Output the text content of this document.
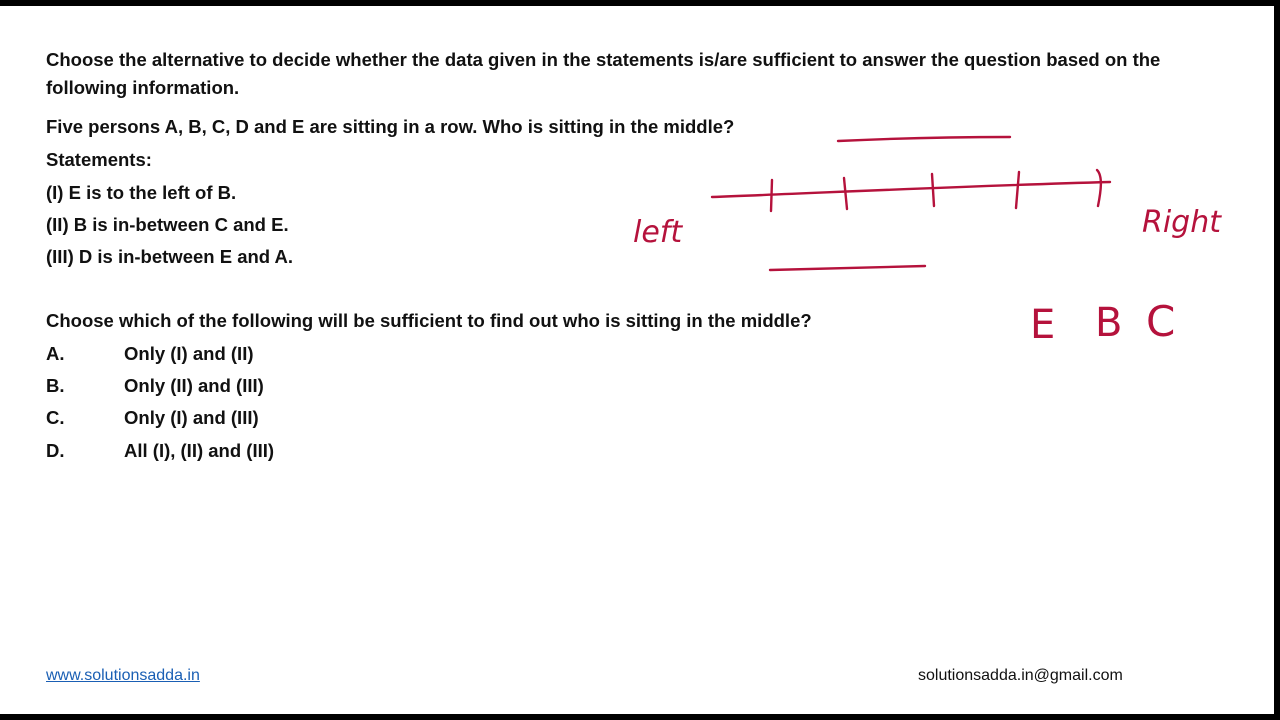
Choose the alternative to decide whether the data given in the statements is/are sufficient to answer the question based on the following information.
Five persons A, B, C, D and E are sitting in a row. Who is sitting in the middle?
Statements:
(I) E is to the left of B.
(II) B is in-between C and E.
(III) D is in-between E and A.
Choose which of the following will be sufficient to find out who is sitting in the middle?
A.	Only (I) and (II)
B.	Only (II) and (III)
C.	Only (I) and (III)
D.	All (I), (II) and (III)
left	Right
E B C
www.solutionsadda.in	solutionsadda.in@gmail.com
